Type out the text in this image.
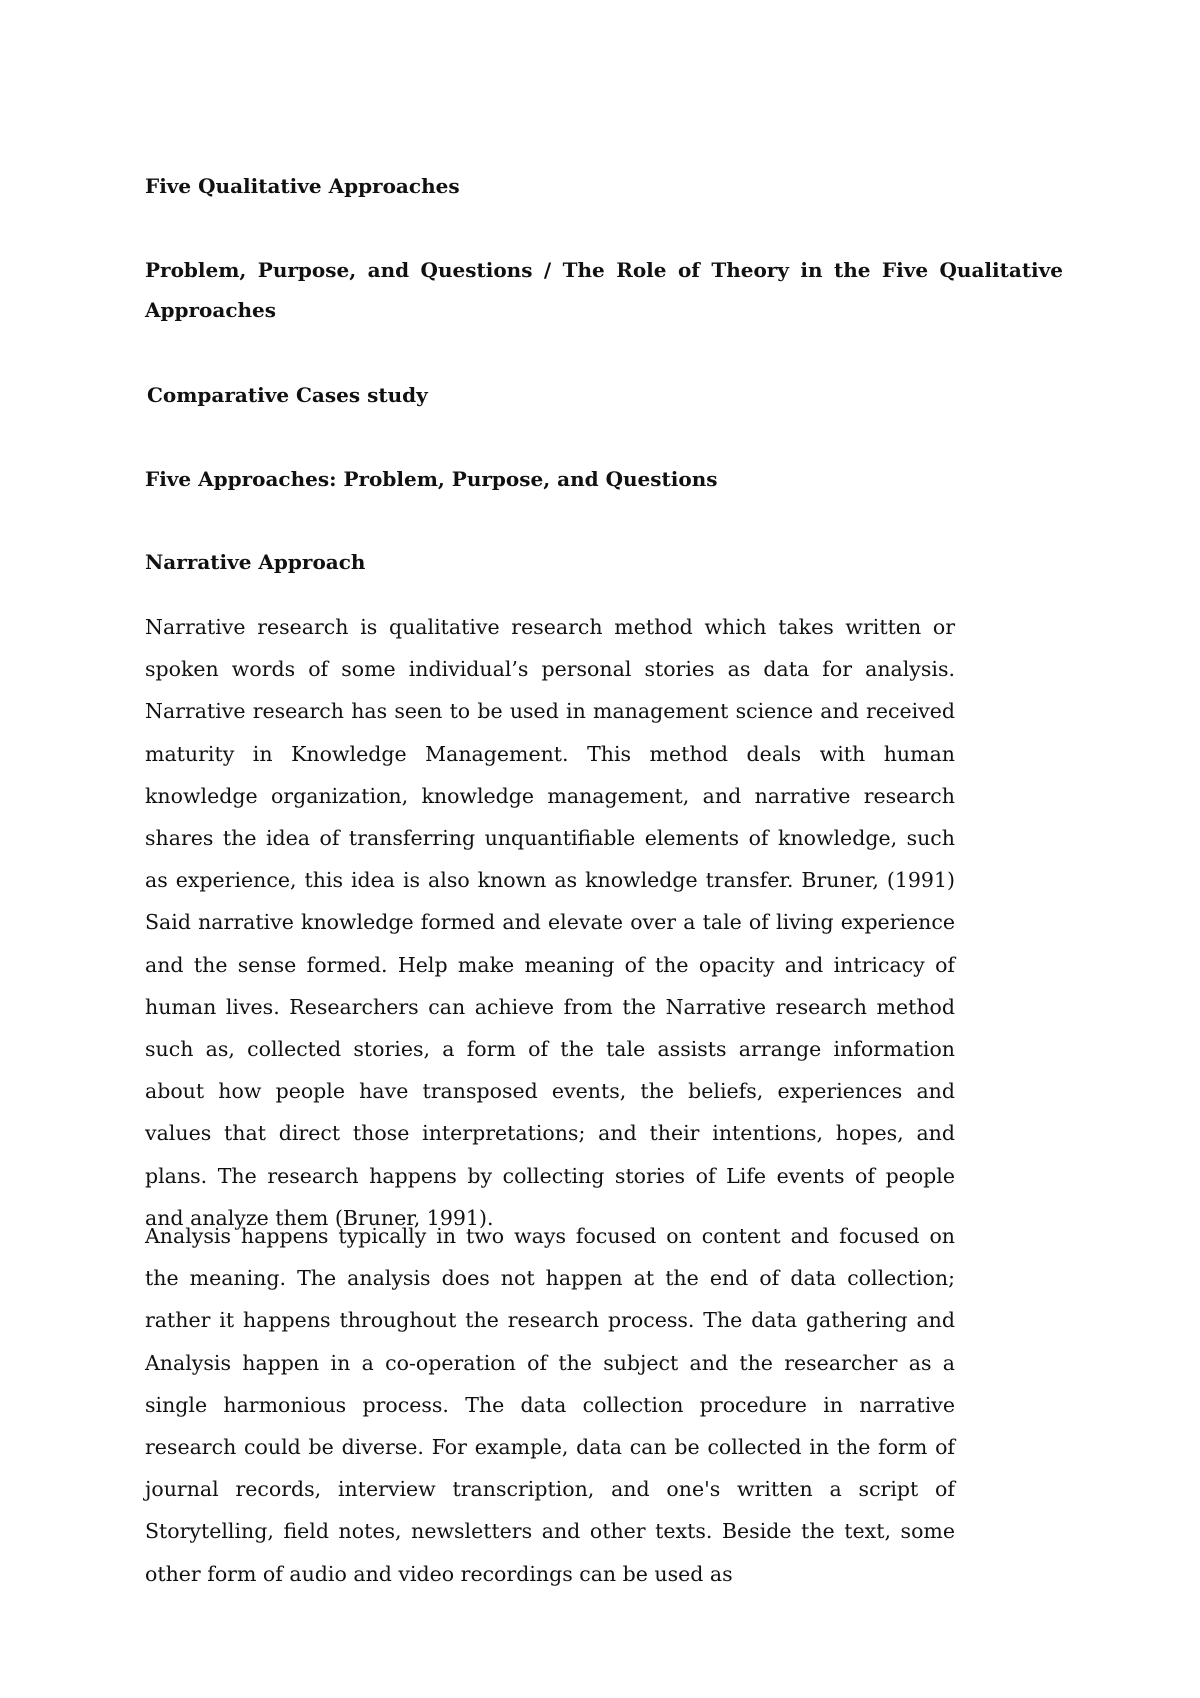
Five Qualitative Approaches
Problem, Purpose, and Questions / The Role of Theory in the Five Qualitative Approaches
Comparative Cases study
Five Approaches: Problem, Purpose, and Questions
Narrative Approach

Narrative research is qualitative research method which takes written or spoken words of some individual’s personal stories as data for analysis. Narrative research has seen to be used in management science and received maturity in Knowledge Management. This method deals with human knowledge organization, knowledge management, and narrative research shares the idea of transferring unquantifiable elements of knowledge, such as experience, this idea is also known as knowledge transfer. Bruner, (1991) Said narrative knowledge formed and elevate over a tale of living experience and the sense formed. Help make meaning of the opacity and intricacy of human lives. Researchers can achieve from the Narrative research method such as, collected stories, a form of the tale assists arrange information about how people have transposed events, the beliefs, experiences and values that direct those interpretations; and their intentions, hopes, and plans. The research happens by collecting stories of Life events of people and analyze them (Bruner, 1991).

Analysis happens typically in two ways focused on content and focused on the meaning. The analysis does not happen at the end of data collection; rather it happens throughout the research process. The data gathering and Analysis happen in a co-operation of the subject and the researcher as a single harmonious process. The data collection procedure in narrative research could be diverse. For example, data can be collected in the form of journal records, interview transcription, and one's written a script of Storytelling, field notes, newsletters and other texts. Beside the text, some other form of audio and video recordings can be used as
